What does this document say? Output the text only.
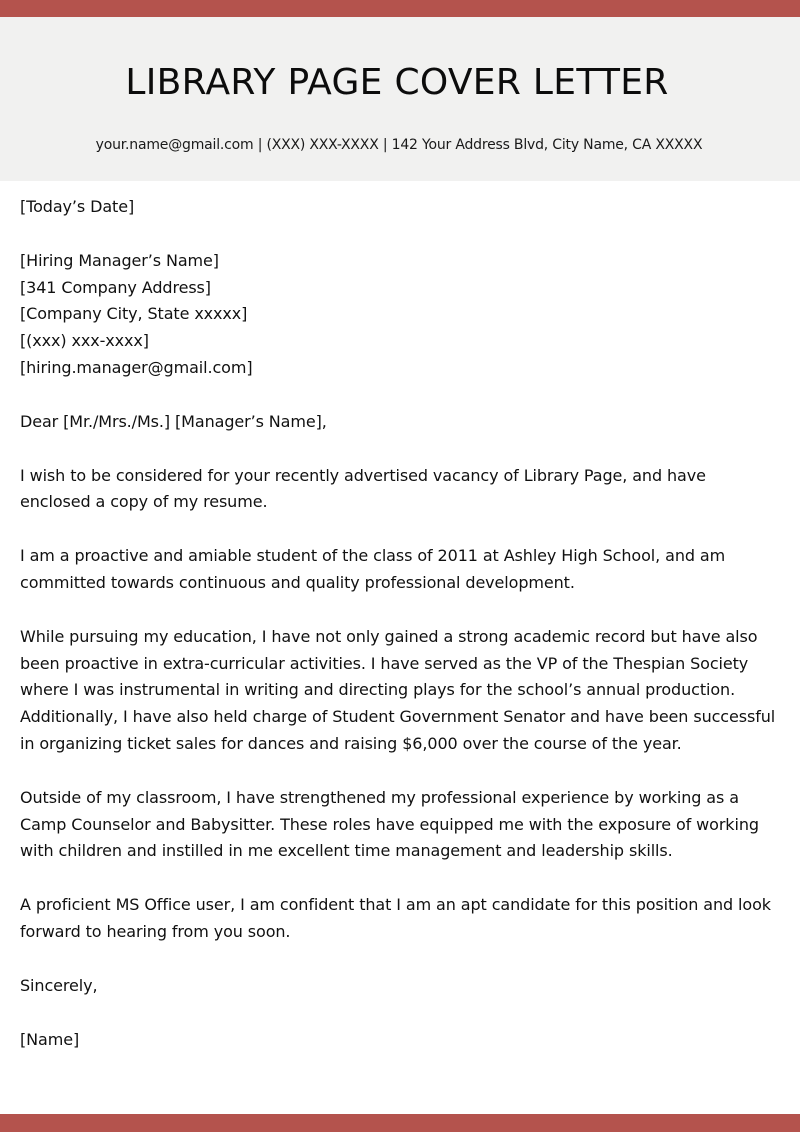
LIBRARY PAGE COVER LETTER
your.name@gmail.com | (XXX) XXX-XXXX | 142 Your Address Blvd, City Name, CA XXXXX
[Today’s Date]
[Hiring Manager’s Name]
[341 Company Address]
[Company City, State xxxxx]
[(xxx) xxx-xxxx]
[hiring.manager@gmail.com]
Dear [Mr./Mrs./Ms.] [Manager’s Name],
I wish to be considered for your recently advertised vacancy of Library Page, and have
enclosed a copy of my resume.
I am a proactive and amiable student of the class of 2011 at Ashley High School, and am
committed towards continuous and quality professional development.
While pursuing my education, I have not only gained a strong academic record but have also
been proactive in extra-curricular activities. I have served as the VP of the Thespian Society
where I was instrumental in writing and directing plays for the school’s annual production.
Additionally, I have also held charge of Student Government Senator and have been successful
in organizing ticket sales for dances and raising $6,000 over the course of the year.
Outside of my classroom, I have strengthened my professional experience by working as a
Camp Counselor and Babysitter. These roles have equipped me with the exposure of working
with children and instilled in me excellent time management and leadership skills.
A proficient MS Office user, I am confident that I am an apt candidate for this position and look
forward to hearing from you soon.
Sincerely,
[Name]
